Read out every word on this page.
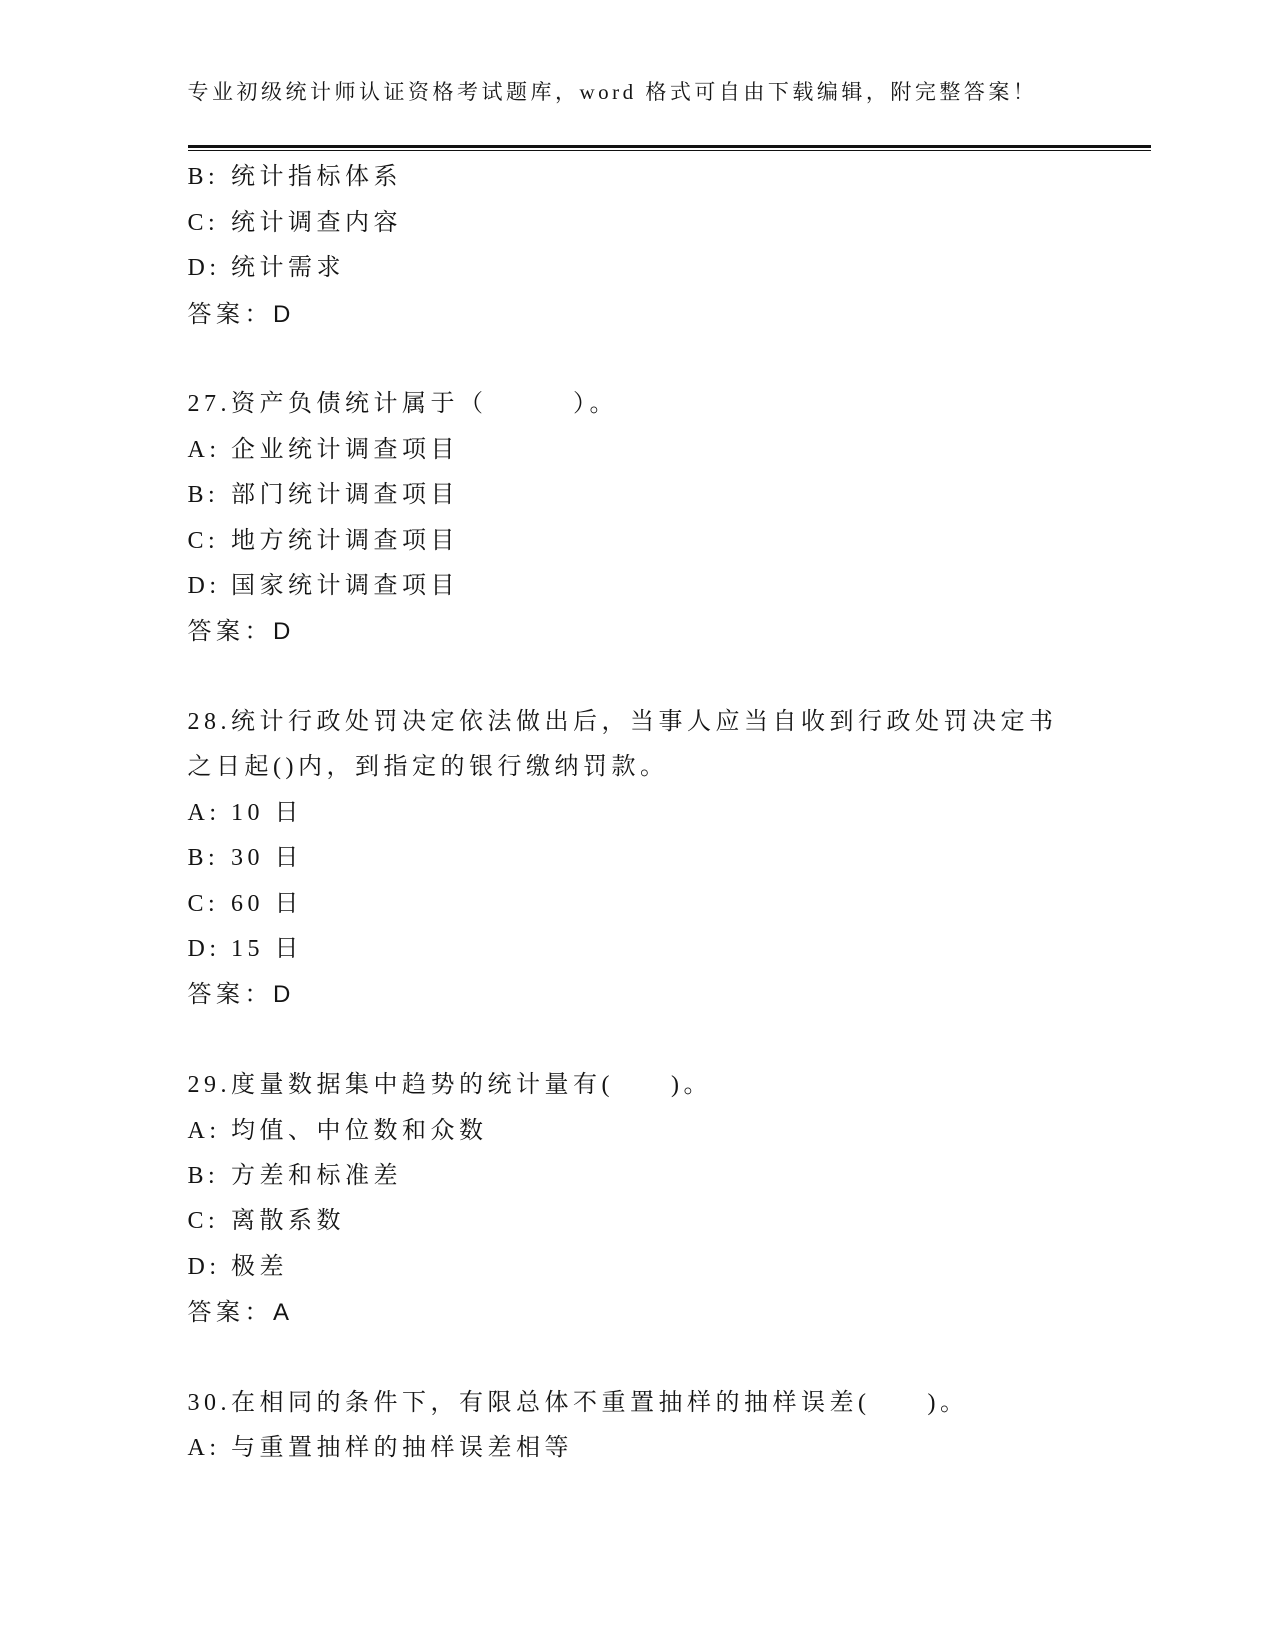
专业初级统计师认证资格考试题库，word 格式可自由下载编辑，附完整答案！
B: 统计指标体系
C: 统计调查内容
D: 统计需求
答案：D
27.资产负债统计属于（　　　）。
A: 企业统计调查项目
B: 部门统计调查项目
C: 地方统计调查项目
D: 国家统计调查项目
答案：D
28.统计行政处罚决定依法做出后，当事人应当自收到行政处罚决定书
之日起()内，到指定的银行缴纳罚款。
A: 10 日
B: 30 日
C: 60 日
D: 15 日
答案：D
29.度量数据集中趋势的统计量有(　　)。
A: 均值、中位数和众数
B: 方差和标准差
C: 离散系数
D: 极差
答案：A
30.在相同的条件下，有限总体不重置抽样的抽样误差(　　)。
A: 与重置抽样的抽样误差相等
